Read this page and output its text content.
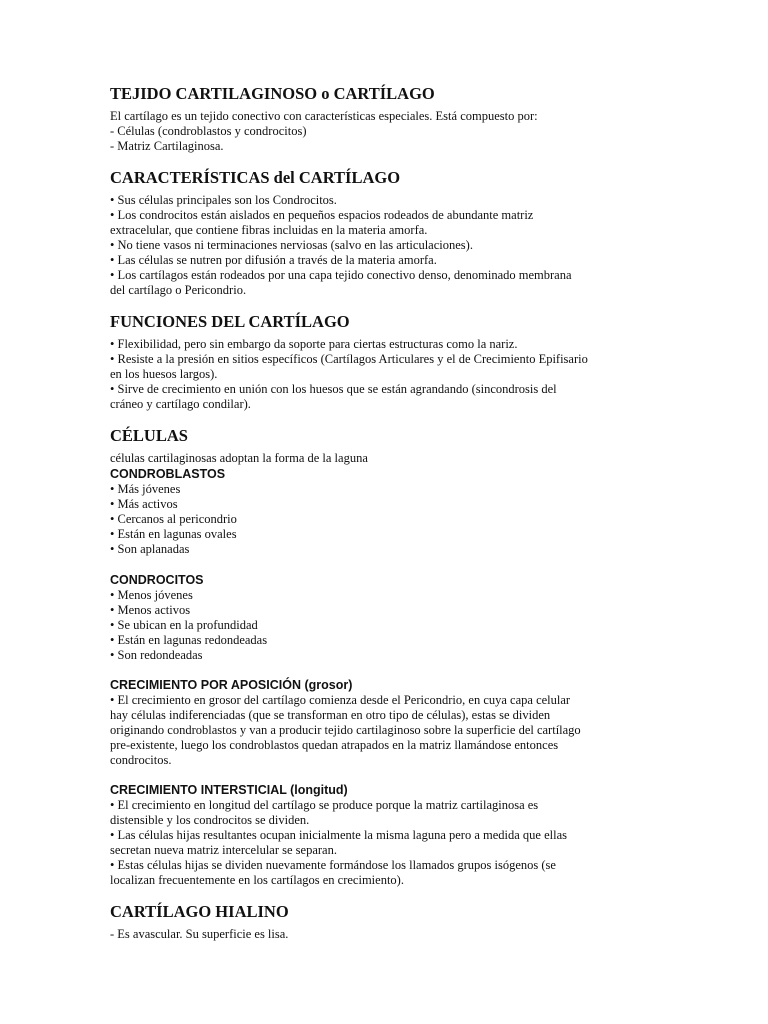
TEJIDO CARTILAGINOSO o CARTÍLAGO
El cartílago es un tejido conectivo con características especiales. Está compuesto por:
- Células (condroblastos y condrocitos)
- Matriz Cartilaginosa.
CARACTERÍSTICAS del CARTÍLAGO
• Sus células principales son los Condrocitos.
• Los condrocitos están aislados en pequeños espacios rodeados de abundante matriz
extracelular, que contiene fibras incluidas en la materia amorfa.
• No tiene vasos ni terminaciones nerviosas (salvo en las articulaciones).
• Las células se nutren por difusión a través de la materia amorfa.
• Los cartílagos están rodeados por una capa tejido conectivo denso, denominado membrana
del cartílago o Pericondrio.
FUNCIONES DEL CARTÍLAGO
• Flexibilidad, pero sin embargo da soporte para ciertas estructuras como la nariz.
• Resiste a la presión en sitios específicos (Cartílagos Articulares y el de Crecimiento Epifisario
en los huesos largos).
• Sirve de crecimiento en unión con los huesos que se están agrandando (sincondrosis del
cráneo y cartílago condilar).
CÉLULAS
células cartilaginosas adoptan la forma de la laguna
CONDROBLASTOS
• Más jóvenes
• Más activos
• Cercanos al pericondrio
• Están en lagunas ovales
• Son aplanadas
CONDROCITOS
• Menos jóvenes
• Menos activos
• Se ubican en la profundidad
• Están en lagunas redondeadas
• Son redondeadas
CRECIMIENTO POR APOSICIÓN (grosor)
• El crecimiento en grosor del cartílago comienza desde el Pericondrio, en cuya capa celular
hay células indiferenciadas (que se transforman en otro tipo de células), estas se dividen
originando condroblastos y van a producir tejido cartilaginoso sobre la superficie del cartílago
pre-existente, luego los condroblastos quedan atrapados en la matriz llamándose entonces
condrocitos.
CRECIMIENTO INTERSTICIAL (longitud)
• El crecimiento en longitud del cartílago se produce porque la matriz cartilaginosa es
distensible y los condrocitos se dividen.
• Las células hijas resultantes ocupan inicialmente la misma laguna pero a medida que ellas
secretan nueva matriz intercelular se separan.
• Estas células hijas se dividen nuevamente formándose los llamados grupos isógenos (se
localizan frecuentemente en los cartílagos en crecimiento).
CARTÍLAGO HIALINO
- Es avascular. Su superficie es lisa.
